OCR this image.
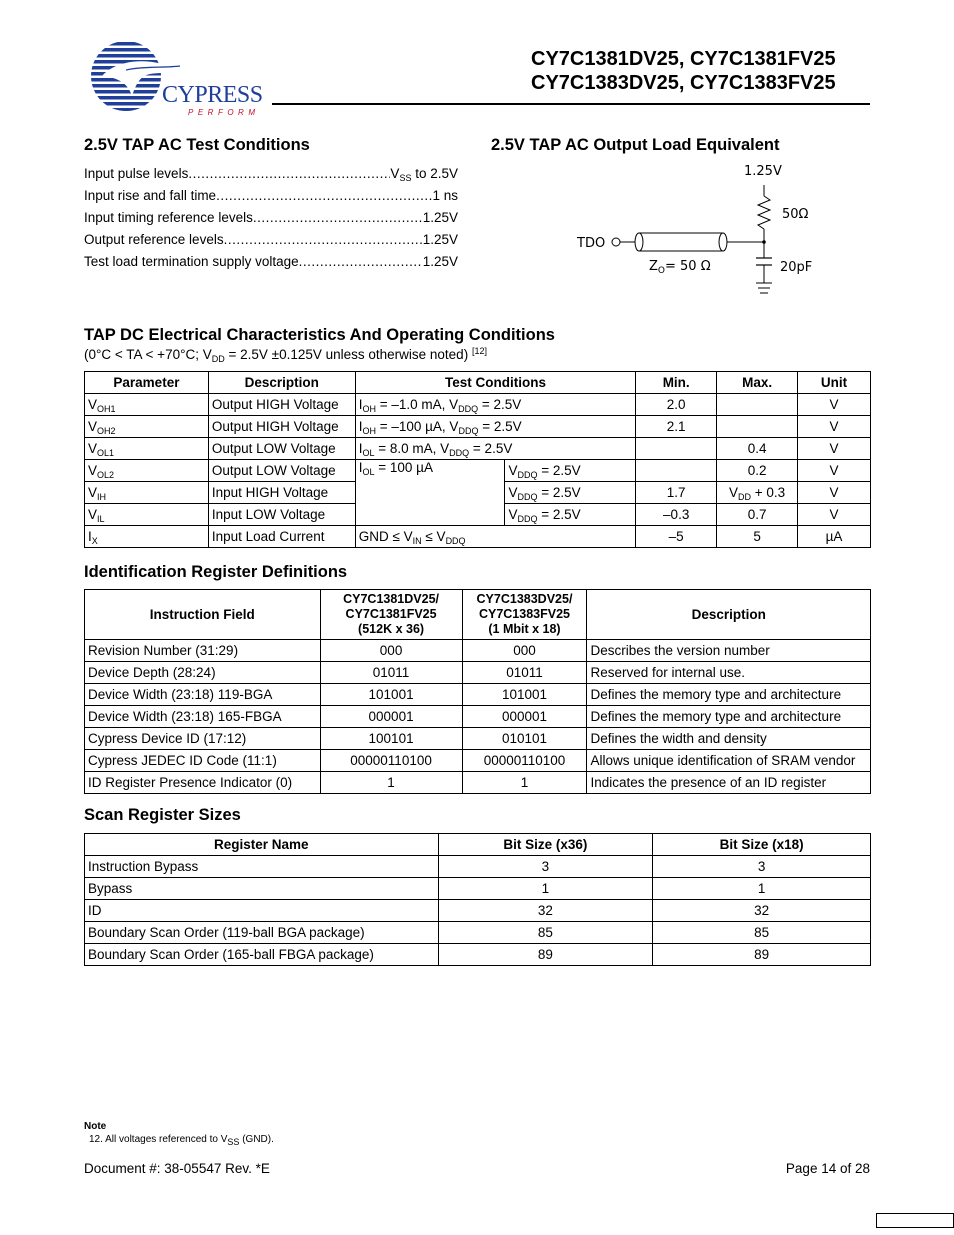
CYPRESS
PERFORM
CY7C1381DV25, CY7C1381FV25
CY7C1383DV25, CY7C1383FV25
2.5V TAP AC Test Conditions
Input pulse levels .....	$V_{SS}$ to 2.5V
Input rise and fall time .....	1 ns
Input timing reference levels .....	1.25V
Output reference levels .....	1.25V
Test load termination supply voltage .....	1.25V
2.5V TAP AC Output Load Equivalent
1.25V
50Ω
TDO
$Z_O= 50$ Ω	20pF
TAP DC Electrical Characteristics And Operating Conditions
(0°C < TA < +70°C; $V_{DD} = 2.5V \pm 0.125V$ unless otherwise noted) [12]
Parameter	Description	Test Conditions		Min.	Max.	Unit
$V_{OH1}$	Output HIGH Voltage	$I_{OH} = -1.0$ mA, $V_{DDQ} = 2.5V$		2.0		V
$V_{OH2}$	Output HIGH Voltage	$I_{OH} = -100$ µA, $V_{DDQ} = 2.5V$		2.1		V
$V_{OL1}$	Output LOW Voltage	$I_{OL} = 8.0$ mA, $V_{DDQ} = 2.5V$			0.4	V
$V_{OL2}$	Output LOW Voltage	$I_{OL} = 100$ µA	$V_{DDQ} = 2.5V$		0.2	V
$V_{IH}$	Input HIGH Voltage		$V_{DDQ} = 2.5V$	1.7	$V_{DD} + 0.3$	V
$V_{IL}$	Input LOW Voltage		$V_{DDQ} = 2.5V$	–0.3	0.7	V
$I_X$	Input Load Current	GND ≤ $V_{IN} \le V_{DDQ}$		–5	5	µA
Identification Register Definitions
Instruction Field	CY7C1381DV25/
CY7C1381FV25
(512K x 36)	CY7C1383DV25/
CY7C1383FV25
(1 Mbit x 18)	Description
Revision Number (31:29)	000	000	Describes the version number
Device Depth (28:24)	01011	01011	Reserved for internal use.
Device Width (23:18) 119-BGA	101001	101001	Defines the memory type and architecture
Device Width (23:18) 165-FBGA	000001	000001	Defines the memory type and architecture
Cypress Device ID (17:12)	100101	010101	Defines the width and density
Cypress JEDEC ID Code (11:1)	00000110100	00000110100	Allows unique identification of SRAM vendor
ID Register Presence Indicator (0)	1	1	Indicates the presence of an ID register
Scan Register Sizes
Register Name	Bit Size (x36)	Bit Size (x18)
Instruction Bypass	3	3
Bypass	1	1
ID	32	32
Boundary Scan Order (119-ball BGA package)	85	85
Boundary Scan Order (165-ball FBGA package)	89	89
Note
12. All voltages referenced to $V_{SS}$ (GND).
Document #: 38-05547 Rev. *E	Page 14 of 28
